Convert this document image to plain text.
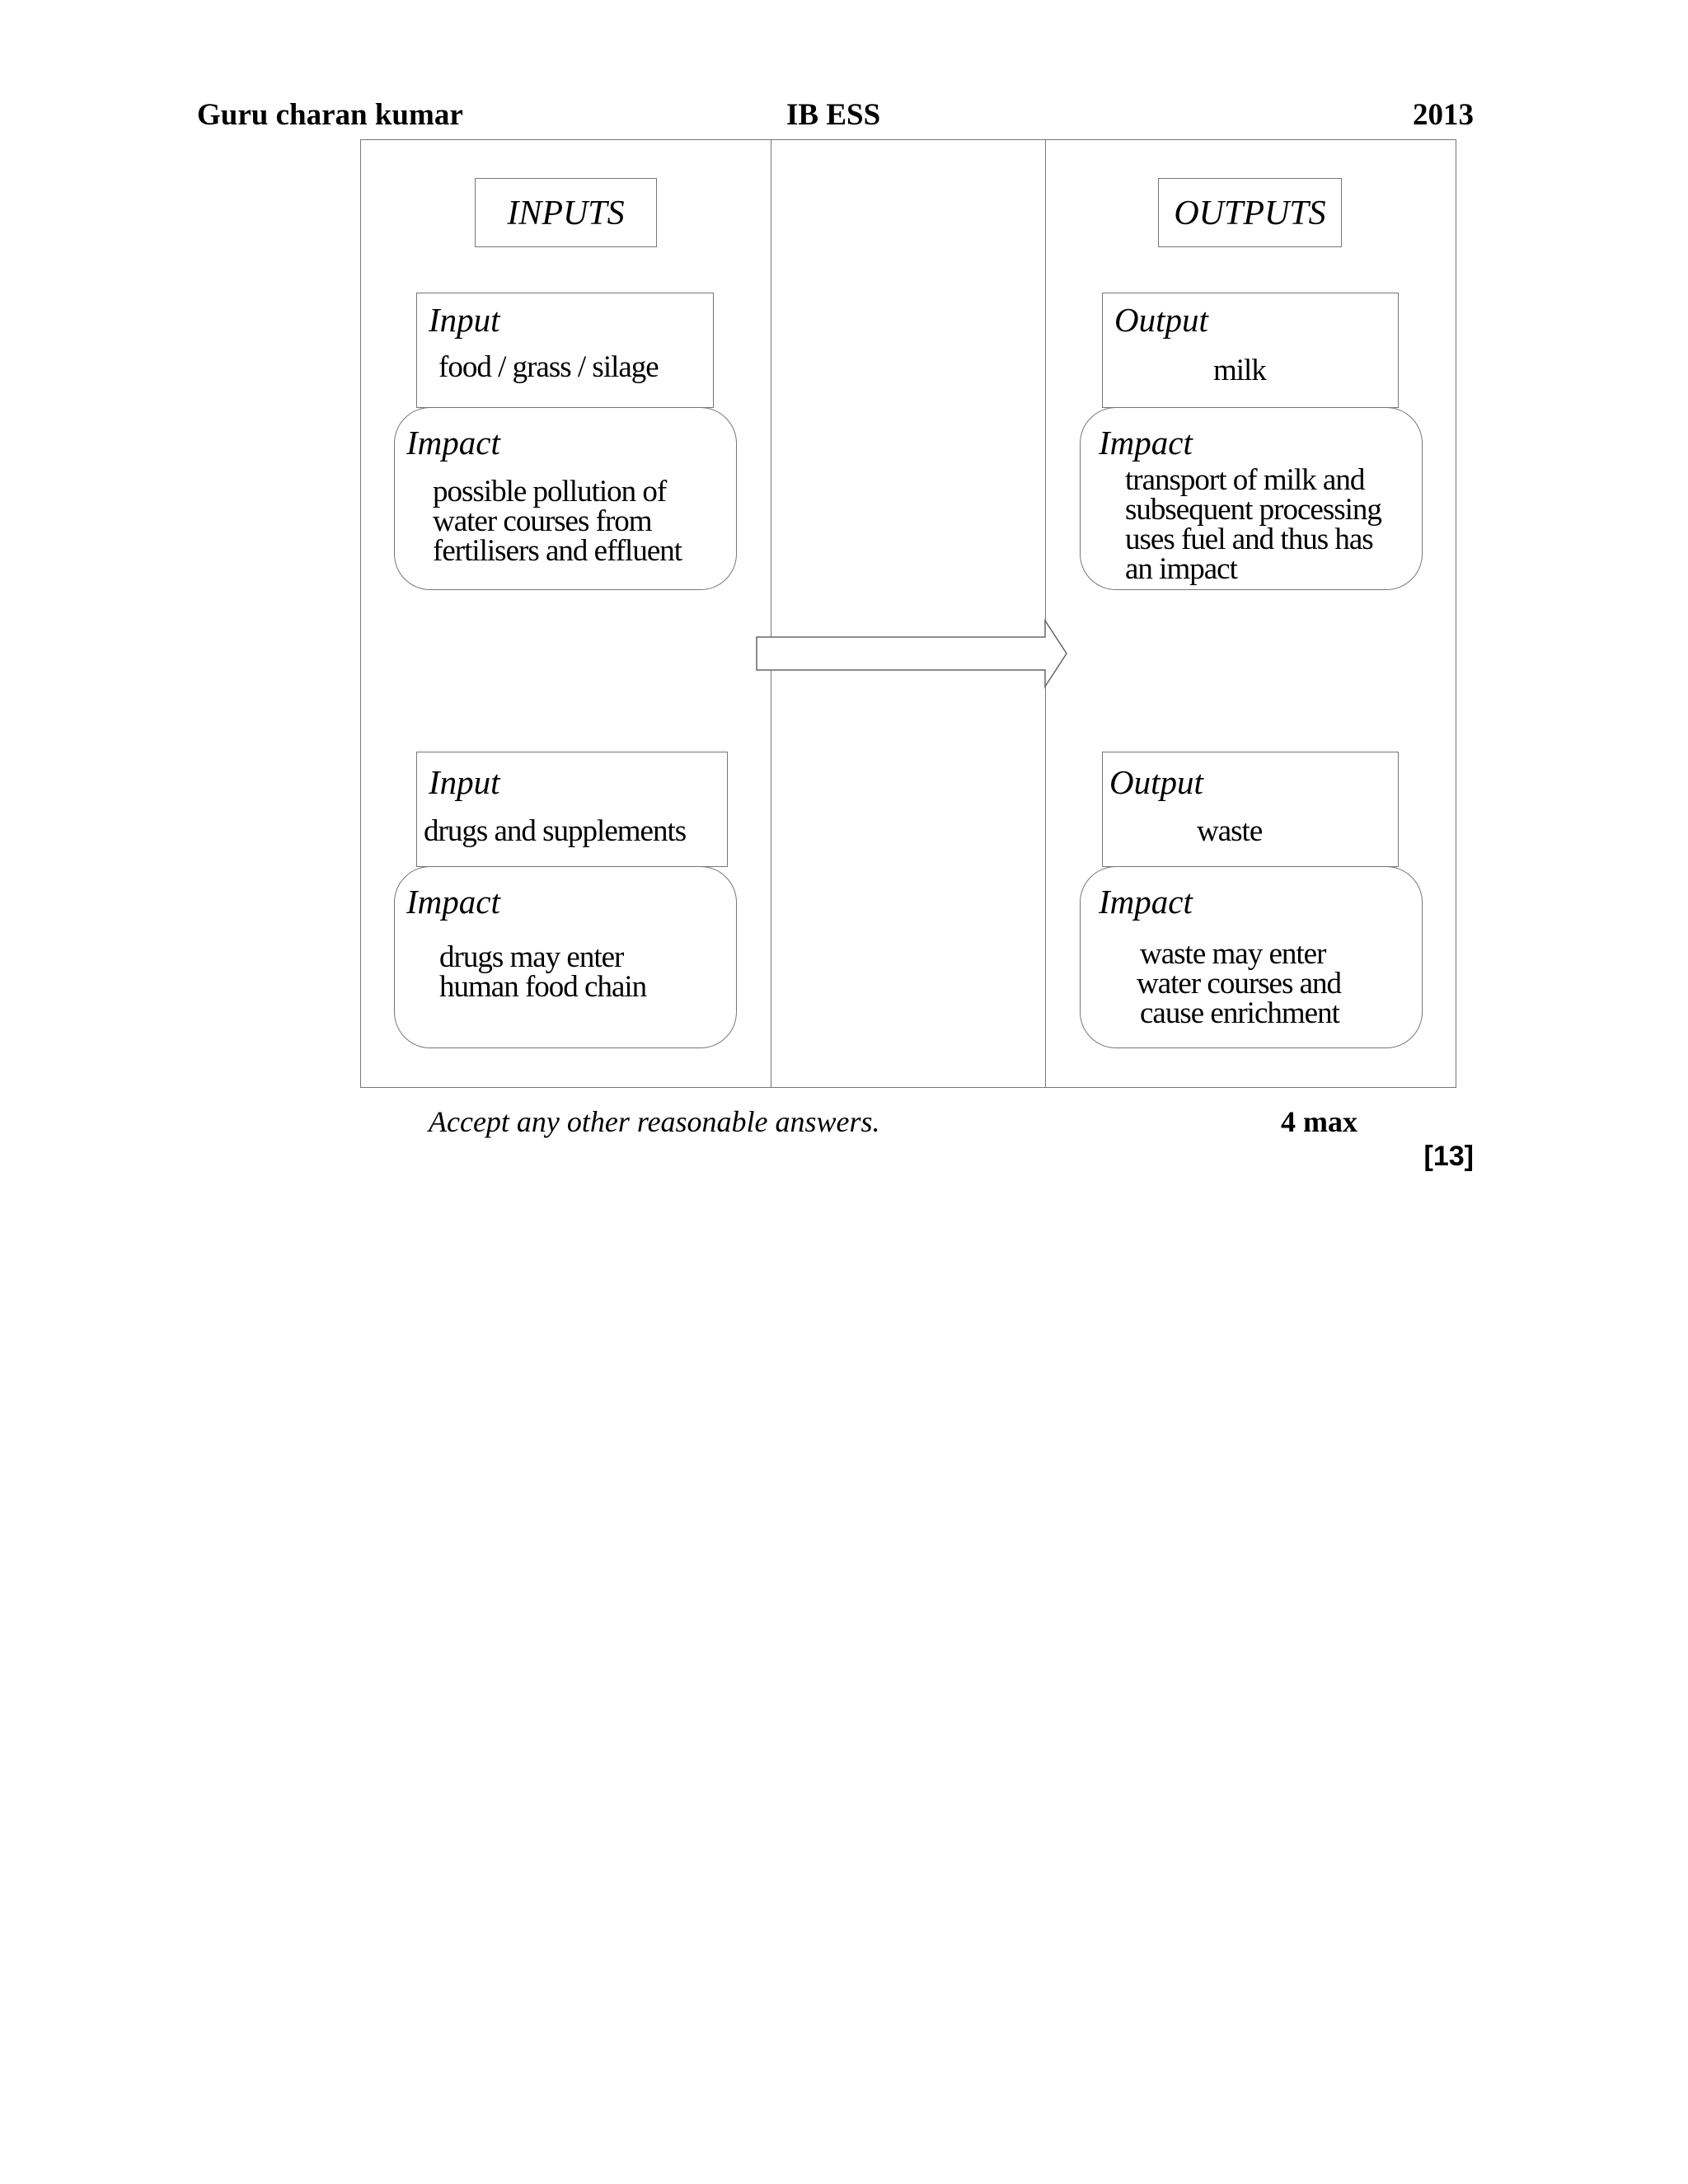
Guru charan kumar	IB ESS	2013
INPUTS	OUTPUTS
Input
food / grass / silage
Impact
possible pollution of
water courses from
fertilisers and effluent
Input
drugs and supplements
Impact
drugs may enter
human food chain
Output
milk
Impact
transport of milk and
subsequent processing
uses fuel and thus has
an impact
Output
waste
Impact
waste may enter
water courses and
cause enrichment
Accept any other reasonable answers.	4 max
[13]
